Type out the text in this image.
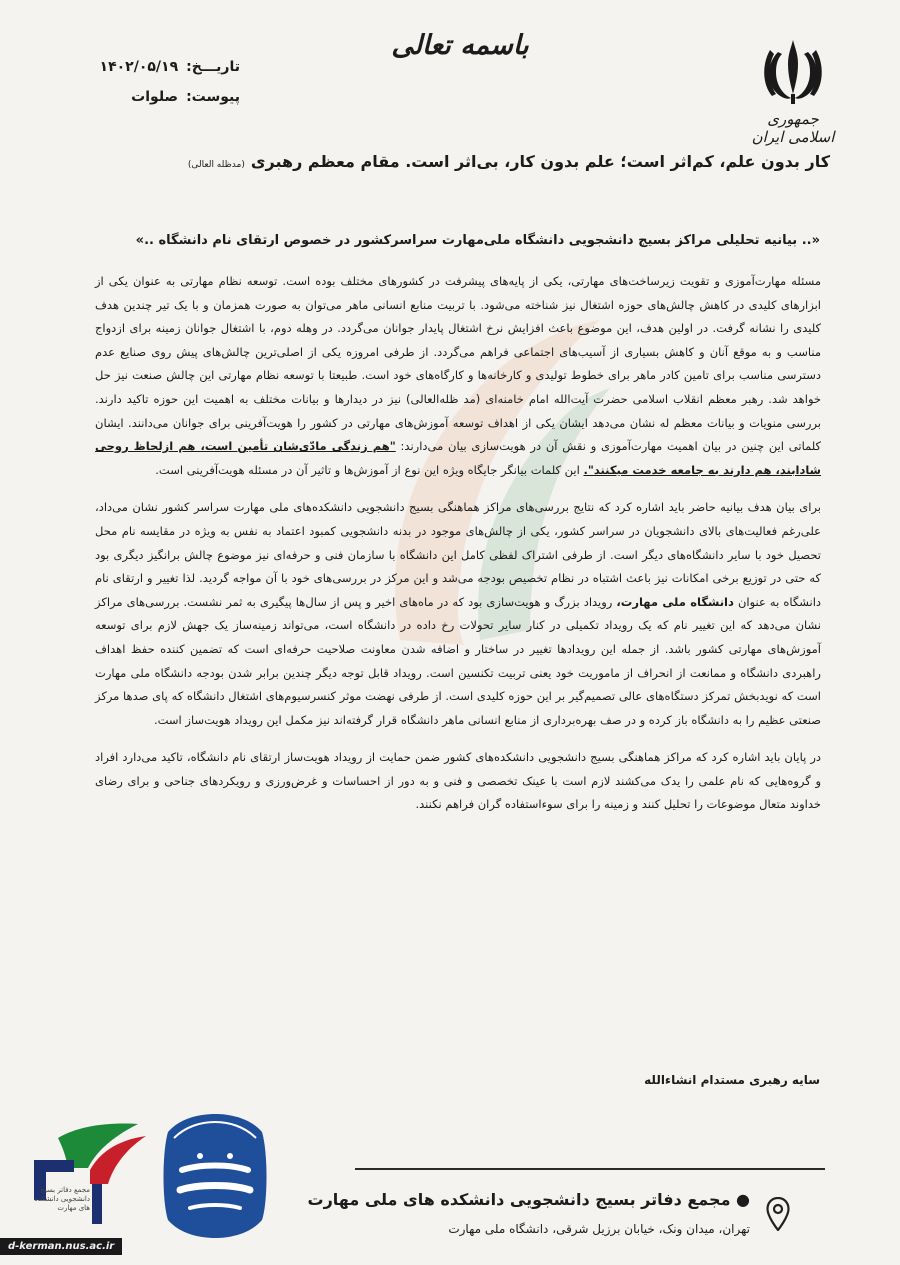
جمهوری اسلامی ایران
باسمه تعالی
تاریـــخ:
۱۴۰۲/۰۵/۱۹
پیوست:
صلوات
کار بدون علم، کم‌اثر است؛ علم بدون کار، بی‌اثر است. مقام معظم رهبری(مدظله العالی)
«.. بیانیه تحلیلی مراکز بسیج دانشجویی دانشگاه ملی‌مهارت سراسرکشور در خصوص ارتقای نام دانشگاه ..»

مسئله مهارت‌آموزی و تقویت زیرساخت‌های مهارتی، یکی از پایه‌های پیشرفت در کشورهای مختلف بوده است. توسعه نظام مهارتی به عنوان یکی از ابزارهای کلیدی در کاهش چالش‌های حوزه اشتغال نیز شناخته می‌شود. با تربیت منابع انسانی ماهر می‌توان به صورت همزمان و با یک تیر چندین هدف کلیدی را نشانه گرفت. در اولین هدف، این موضوع باعث افزایش نرخ اشتغال پایدار جوانان می‌گردد. در وهله دوم، با اشتغال جوانان زمینه برای ازدواج مناسب و به موقع آنان و کاهش بسیاری از آسیب‌های اجتماعی فراهم می‌گردد. از طرفی امروزه یکی از اصلی‌ترین چالش‌های پیش روی صنایع عدم دسترسی مناسب برای تامین کادر ماهر برای خطوط تولیدی و کارخانه‌ها و کارگاه‌های خود است. طبیعتا با توسعه نظام مهارتی این چالش صنعت نیز حل خواهد شد. رهبر معظم انقلاب اسلامی حضرت آیت‌الله امام خامنه‌ای (مد ظله‌العالی) نیز در دیدارها و بیانات مختلف به اهمیت این حوزه تاکید دارند. بررسی منویات و بیانات معظم له نشان می‌دهد ایشان یکی از اهداف توسعه آموزش‌های مهارتی در کشور را هویت‌آفرینی برای جوانان می‌دانند. ایشان کلماتی این چنین در بیان اهمیت مهارت‌آموزی و نقش آن در هویت‌سازی بیان می‌دارند: "هم زندگی مادّی‌شان تأمین است، هم ازلحاظ روحی شادابند، هم دارند به جامعه خدمت میکنند". این کلمات بیانگر جایگاه ویژه این نوع از آموزش‌ها و تاثیر آن در مسئله هویت‌آفرینی است.

برای بیان هدف بیانیه حاضر باید اشاره کرد که نتایج بررسی‌های مراکز هماهنگی بسیج دانشجویی دانشکده‌های ملی مهارت سراسر کشور نشان می‌داد، علی‌رغم فعالیت‌های بالای دانشجویان در سراسر کشور، یکی از چالش‌های موجود در بدنه دانشجویی کمبود اعتماد به نفس به ویژه در مقایسه نام محل تحصیل خود با سایر دانشگاه‌های دیگر است. از طرفی اشتراک لفظی کامل این دانشگاه با سازمان فنی و حرفه‌ای نیز موضوع چالش برانگیز دیگری بود که حتی در توزیع برخی امکانات نیز باعث اشتباه در نظام تخصیص بودجه می‌شد و این مرکز در بررسی‌های خود با آن مواجه گردید. لذا تغییر و ارتقای نام دانشگاه به عنوان دانشگاه ملی مهارت، رویداد بزرگ و هویت‌سازی بود که در ماه‌های اخیر و پس از سال‌ها پیگیری به ثمر نشست. بررسی‌های مراکز نشان می‌دهد که این تغییر نام که یک رویداد تکمیلی در کنار سایر تحولات رخ داده در دانشگاه است، می‌تواند زمینه‌ساز یک جهش لازم برای توسعه آموزش‌های مهارتی کشور باشد. از جمله این رویدادها تغییر در ساختار و اضافه شدن معاونت صلاحیت حرفه‌ای است که تضمین کننده حفظ اهداف راهبردی دانشگاه و ممانعت از انحراف از ماموریت خود یعنی تربیت تکنسین است. رویداد قابل توجه دیگر چندین برابر شدن بودجه دانشگاه ملی مهارت است که نویدبخش تمرکز دستگاه‌های عالی تصمیم‌گیر بر این حوزه کلیدی است. از طرفی نهضت موثر کنسرسیوم‌های اشتغال دانشگاه که پای صدها مرکز صنعتی عظیم را به دانشگاه باز کرده و در صف بهره‌برداری از منابع انسانی ماهر دانشگاه قرار گرفته‌اند نیز مکمل این رویداد هویت‌ساز است.

در پایان باید اشاره کرد که مراکز هماهنگی بسیج دانشجویی دانشکده‌های کشور ضمن حمایت از رویداد هویت‌ساز ارتقای نام دانشگاه، تاکید می‌دارد افراد و گروه‌هایی که نام علمی را یدک می‌کشند لازم است با عینک تخصصی و فنی و به دور از احساسات و غرض‌ورزی و رویکردهای جناحی و برای رضای خداوند متعال موضوعات را تحلیل کنند و زمینه را برای سوءاستفاده گران فراهم نکنند.

سایه رهبری مستدام انشاءالله
● مجمع دفاتر بسیج دانشجویی دانشکده های ملی مهارت
تهران، میدان ونک، خیابان برزیل شرقی، دانشگاه ملی مهارت
مجمع دفاتر بسیج دانشجویی دانشکده های مهارت
d-kerman.nus.ac.ir
